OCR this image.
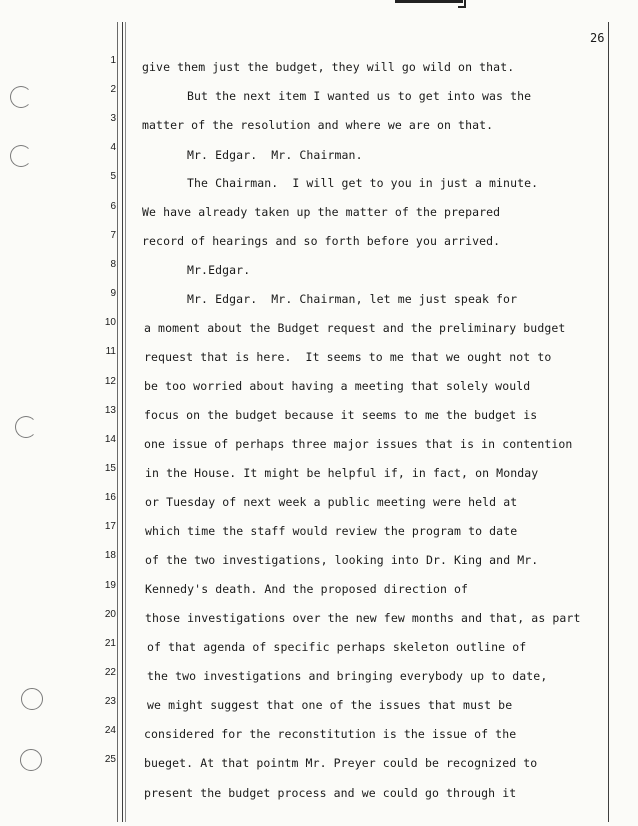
26
1
2
3
4
5
6
7
8
9
10
11
12
13
14
15
16
17
18
19
20
21
22
23
24
25
give them just the budget, they will go wild on that.
But the next item I wanted us to get into was the
matter of the resolution and where we are on that.
Mr. Edgar.  Mr. Chairman.
The Chairman.  I will get to you in just a minute.
We have already taken up the matter of the prepared
record of hearings and so forth before you arrived.
Mr.Edgar.
Mr. Edgar.  Mr. Chairman, let me just speak for
a moment about the Budget request and the preliminary budget
request that is here.  It seems to me that we ought not to
be too worried about having a meeting that solely would
focus on the budget because it seems to me the budget is
one issue of perhaps three major issues that is in contention
in the House. It might be helpful if, in fact, on Monday
or Tuesday of next week a public meeting were held at
which time the staff would review the program to date
of the two investigations, looking into Dr. King and Mr.
Kennedy's death. And the proposed direction of
those investigations over the new few months and that, as part
of that agenda of specific perhaps skeleton outline of
the two investigations and bringing everybody up to date,
we might suggest that one of the issues that must be
considered for the reconstitution is the issue of the
bueget. At that pointm Mr. Preyer could be recognized to
present the budget process and we could go through it
